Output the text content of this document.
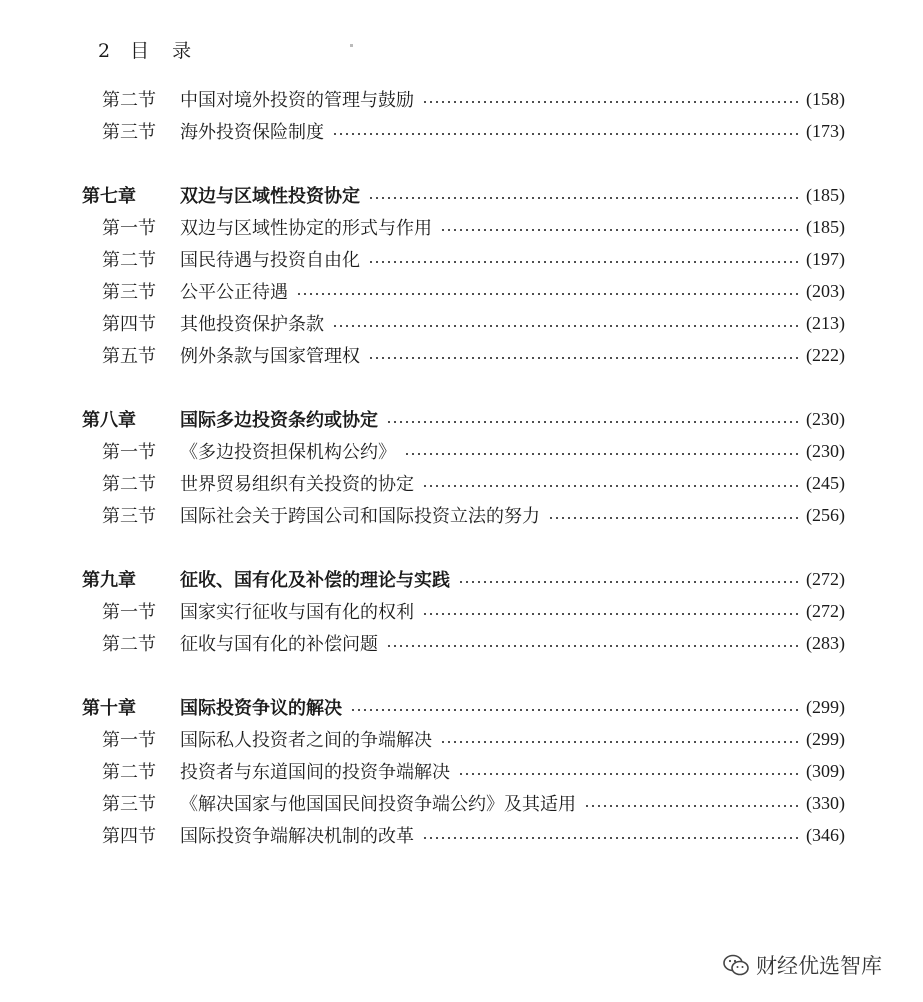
2 目　录
第二节	中国对境外投资的管理与鼓励	(158)
第三节	海外投资保险制度	(173)
第七章	双边与区域性投资协定	(185)
第一节	双边与区域性协定的形式与作用	(185)
第二节	国民待遇与投资自由化	(197)
第三节	公平公正待遇	(203)
第四节	其他投资保护条款	(213)
第五节	例外条款与国家管理权	(222)
第八章	国际多边投资条约或协定	(230)
第一节	《多边投资担保机构公约》	(230)
第二节	世界贸易组织有关投资的协定	(245)
第三节	国际社会关于跨国公司和国际投资立法的努力	(256)
第九章	征收、国有化及补偿的理论与实践	(272)
第一节	国家实行征收与国有化的权利	(272)
第二节	征收与国有化的补偿问题	(283)
第十章	国际投资争议的解决	(299)
第一节	国际私人投资者之间的争端解决	(299)
第二节	投资者与东道国间的投资争端解决	(309)
第三节	《解决国家与他国国民间投资争端公约》及其适用	(330)
第四节	国际投资争端解决机制的改革	(346)
财经优选智库
